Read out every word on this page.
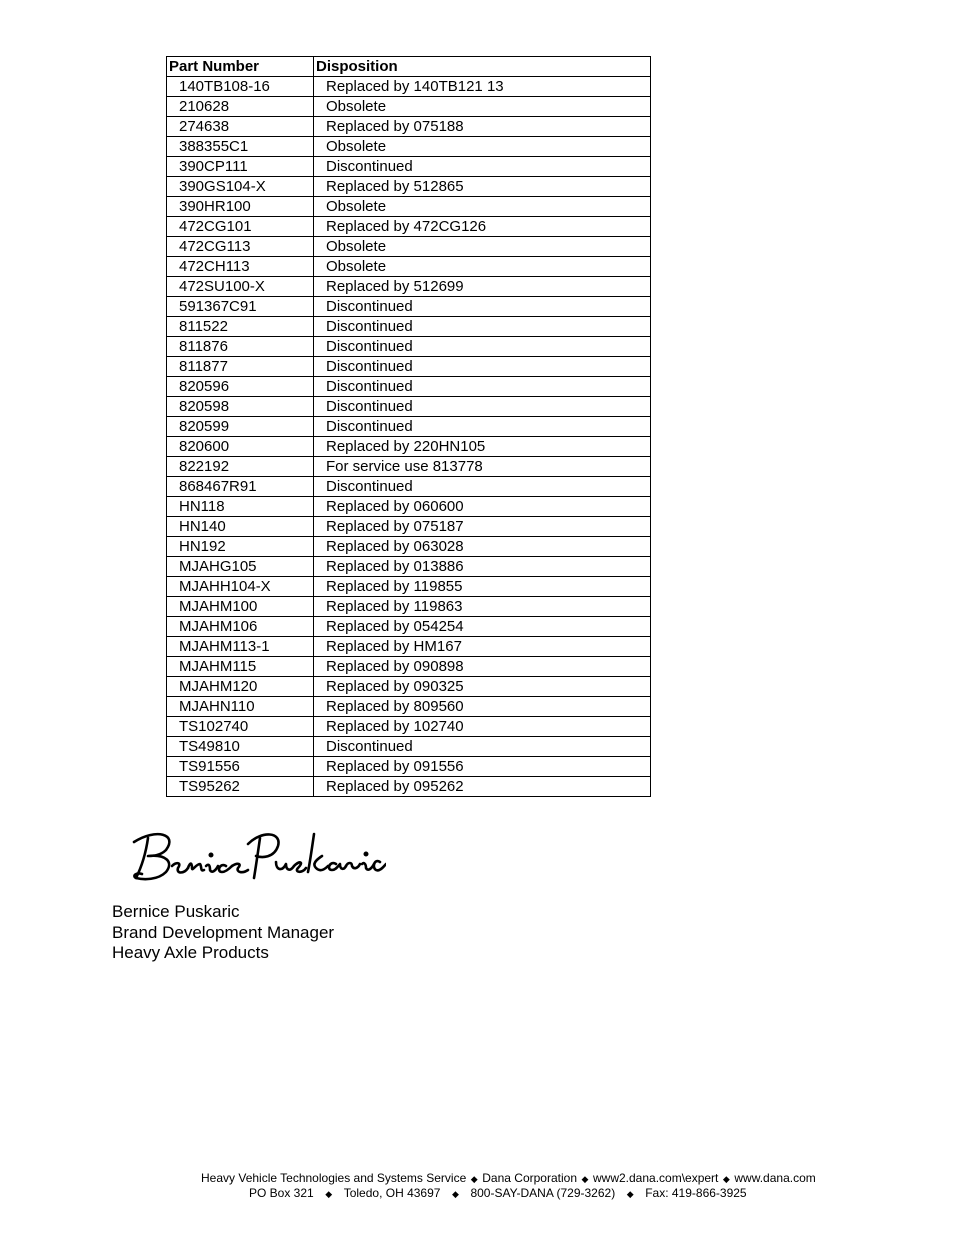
Part Number	Disposition
140TB108-16	Replaced by 140TB121 13
210628	Obsolete
274638	Replaced by 075188
388355C1	Obsolete
390CP111	Discontinued
390GS104-X	Replaced by 512865
390HR100	Obsolete
472CG101	Replaced by 472CG126
472CG113	Obsolete
472CH113	Obsolete
472SU100-X	Replaced by 512699
591367C91	Discontinued
811522	Discontinued
811876	Discontinued
811877	Discontinued
820596	Discontinued
820598	Discontinued
820599	Discontinued
820600	Replaced by 220HN105
822192	For service use 813778
868467R91	Discontinued
HN118	Replaced by 060600
HN140	Replaced by 075187
HN192	Replaced by 063028
MJAHG105	Replaced by 013886
MJAHH104-X	Replaced by 119855
MJAHM100	Replaced by 119863
MJAHM106	Replaced by 054254
MJAHM113-1	Replaced by HM167
MJAHM115	Replaced by 090898
MJAHM120	Replaced by 090325
MJAHN110	Replaced by 809560
TS102740	Replaced by 102740
TS49810	Discontinued
TS91556	Replaced by 091556
TS95262	Replaced by 095262
Bernice Puskaric
Brand Development Manager
Heavy Axle Products
Heavy Vehicle Technologies and Systems Service ◆ Dana Corporation ◆ www2.dana.com\expert ◆ www.dana.com
PO Box 321 ◆ Toledo, OH 43697 ◆ 800-SAY-DANA (729-3262) ◆ Fax: 419-866-3925
